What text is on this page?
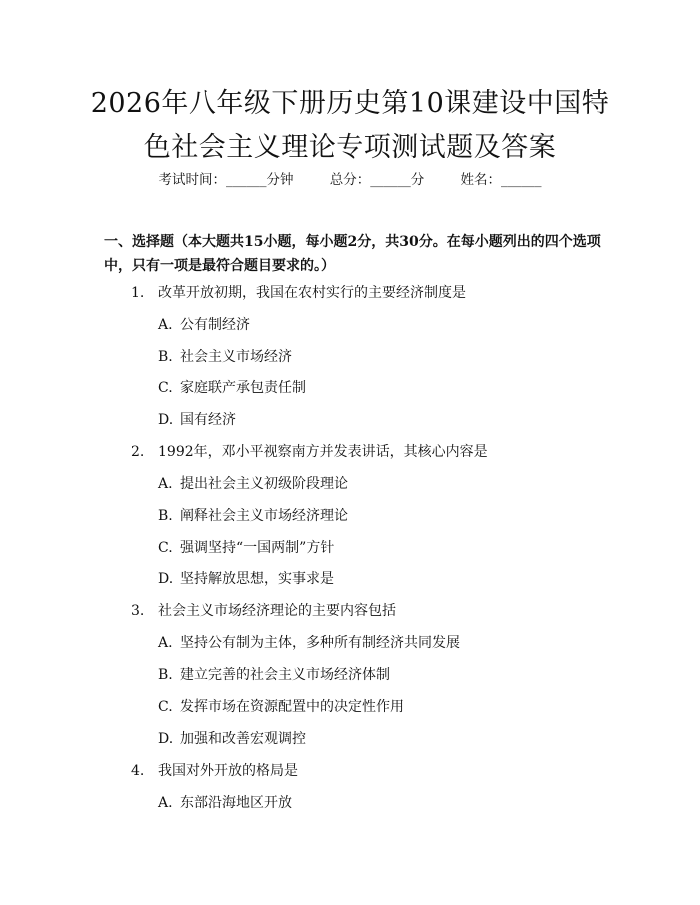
2026年八年级下册历史第10课建设中国特
色社会主义理论专项测试题及答案
考试时间：______分钟	总分：______分	姓名：______
一、选择题（本大题共15小题，每小题2分，共30分。在每小题列出的四个选项中，只有一项是最符合题目要求的。）
1. 改革开放初期，我国在农村实行的主要经济制度是
A. 公有制经济
B. 社会主义市场经济
C. 家庭联产承包责任制
D. 国有经济
2. 1992年，邓小平视察南方并发表讲话，其核心内容是
A. 提出社会主义初级阶段理论
B. 阐释社会主义市场经济理论
C. 强调坚持“一国两制”方针
D. 坚持解放思想，实事求是
3. 社会主义市场经济理论的主要内容包括
A. 坚持公有制为主体，多种所有制经济共同发展
B. 建立完善的社会主义市场经济体制
C. 发挥市场在资源配置中的决定性作用
D. 加强和改善宏观调控
4. 我国对外开放的格局是
A. 东部沿海地区开放
